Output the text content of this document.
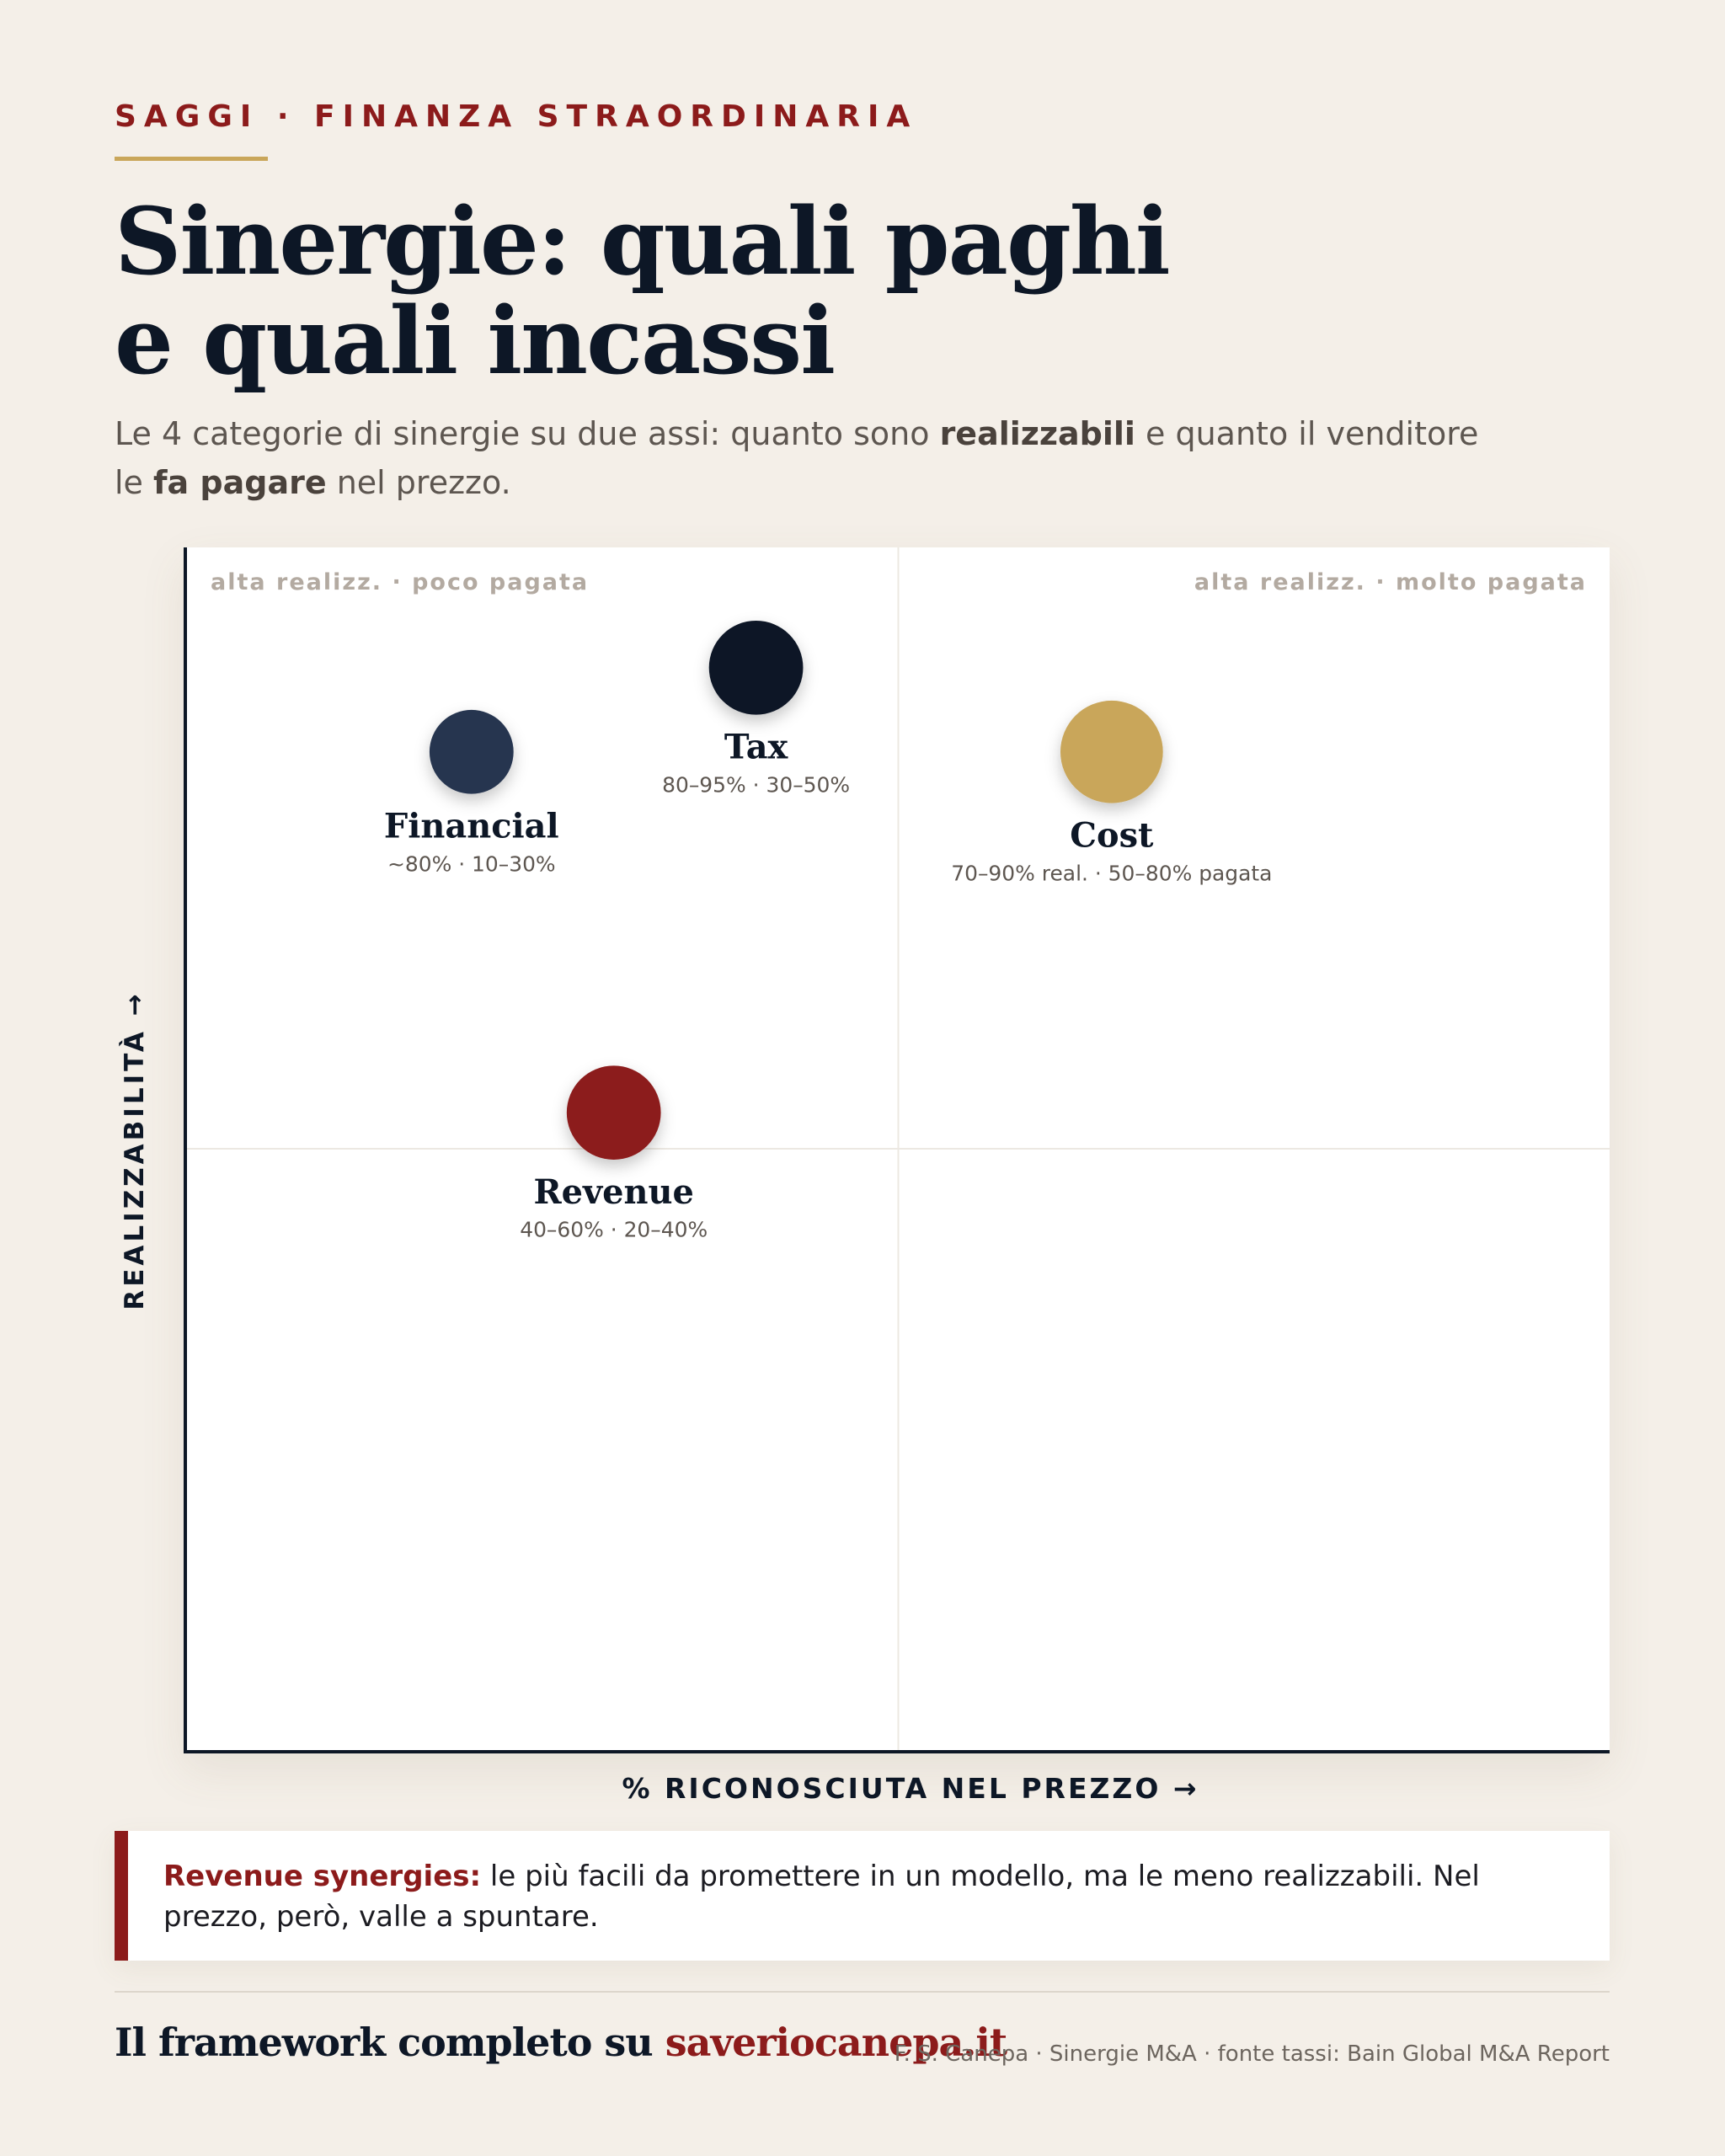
SAGGI · FINANZA STRAORDINARIA
Sinergie: quali paghi
e quali incassi

Le 4 categorie di sinergie su due assi: quanto sono realizzabili e quanto il venditore le fa pagare nel prezzo.

Tax
80–95% · 30–50%
Financial
~80% · 10–30%
Cost
70–90% real. · 50–80% pagata
Revenue
40–60% · 20–40%
alta realizz. · poco pagata	alta realizz. · molto pagata
REALIZZABILITÀ →
% RICONOSCIUTA NEL PREZZO →
Revenue synergies: le più facili da promettere in un modello, ma le meno realizzabili. Nel prezzo, però, valle a spuntare.
Il framework completo su saveriocanepa.it
F. S. Canepa · Sinergie M&A · fonte tassi: Bain Global M&A Report
